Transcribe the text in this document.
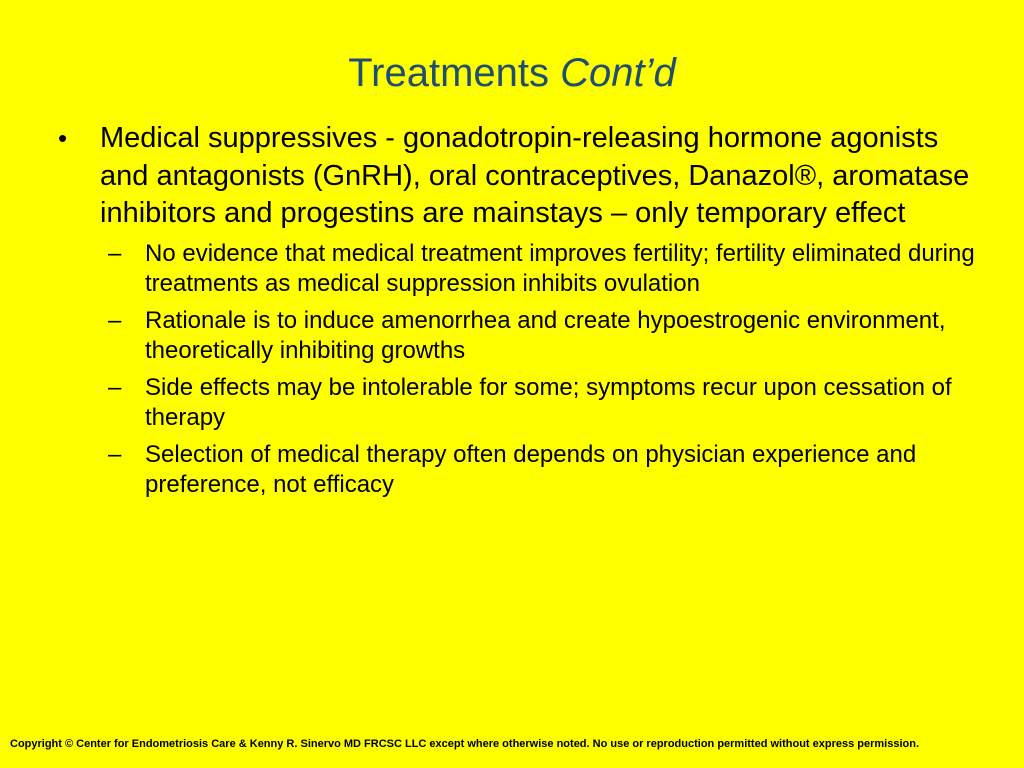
Treatments Cont’d
•	Medical suppressives - gonadotropin-releasing hormone agonists and antagonists (GnRH), oral contraceptives, Danazol®, aromatase inhibitors and progestins are mainstays – only temporary effect
– No evidence that medical treatment improves fertility; fertility eliminated during treatments as medical suppression inhibits ovulation
– Rationale is to induce amenorrhea and create hypoestrogenic environment, theoretically inhibiting growths
– Side effects may be intolerable for some; symptoms recur upon cessation of therapy
– Selection of medical therapy often depends on physician experience and preference, not efficacy
Copyright © Center for Endometriosis Care & Kenny R. Sinervo MD FRCSC LLC except where otherwise noted. No use or reproduction permitted without express permission.
